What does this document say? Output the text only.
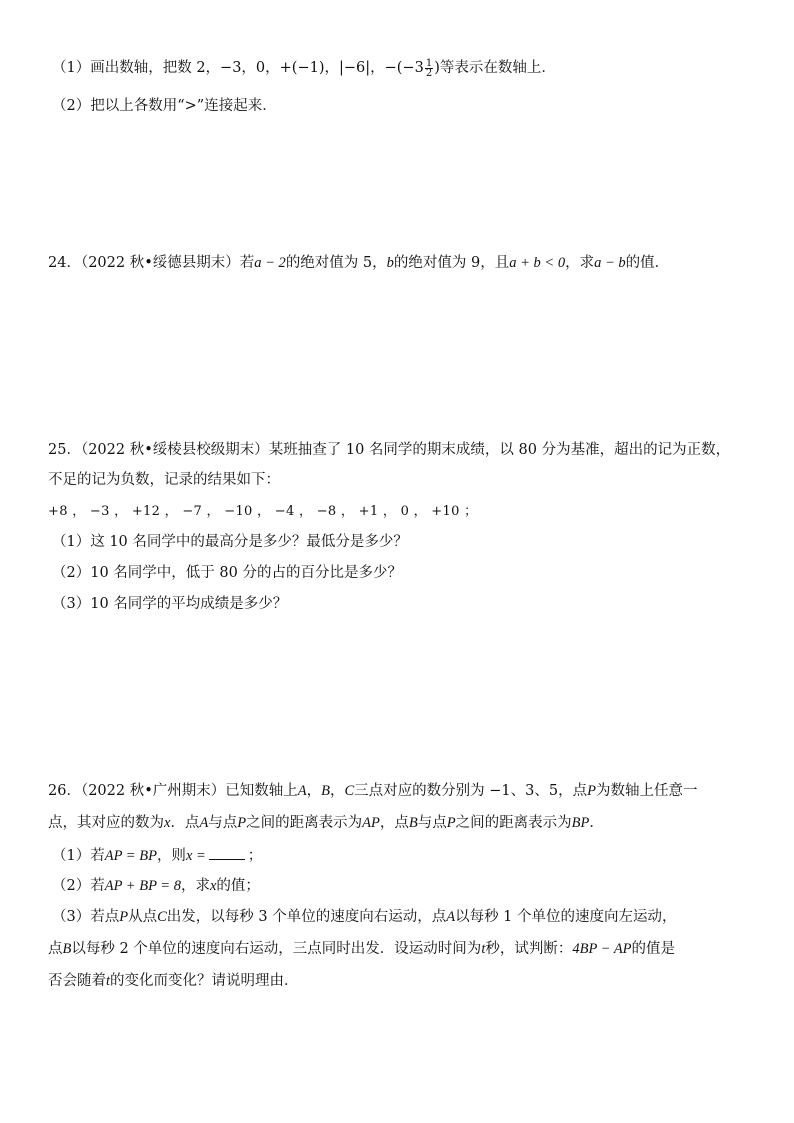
（1）画出数轴，把数 2，−3，0，+(−1)，|−6|，$-(-3 \frac{1}{2}$ )等表示在数轴上．
（2）把以上各数用“>”连接起来．
24．（2022 秋•绥德县期末）若a − 2的绝对值为 5，b的绝对值为 9，且a + b < 0，求a − b的值．
25．（2022 秋•绥棱县校级期末）某班抽查了 10 名同学的期末成绩，以 80 分为基准，超出的记为正数，
不足的记为负数，记录的结果如下：
+8 ， −3 ， +12 ， −7 ， −10 ， −4 ， −8 ， +1 ， 0 ， +10 ；
（1）这 10 名同学中的最高分是多少？最低分是多少？
（2）10 名同学中，低于 80 分的占的百分比是多少？
（3）10 名同学的平均成绩是多少？
26．（2022 秋•广州期末）已知数轴上A，B，C三点对应的数分别为 −1、3、5，点P为数轴上任意一
点，其对应的数为x．点A与点P之间的距离表示为AP，点B与点P之间的距离表示为BP．
（1）若AP = BP，则x =	；
（2）若AP + BP = 8，求x的值；
（3）若点P从点C出发，以每秒 3 个单位的速度向右运动，点A以每秒 1 个单位的速度向左运动，
点B以每秒 2 个单位的速度向右运动，三点同时出发．设运动时间为t秒，试判断：4BP − AP的值是
否会随着t的变化而变化？请说明理由．
